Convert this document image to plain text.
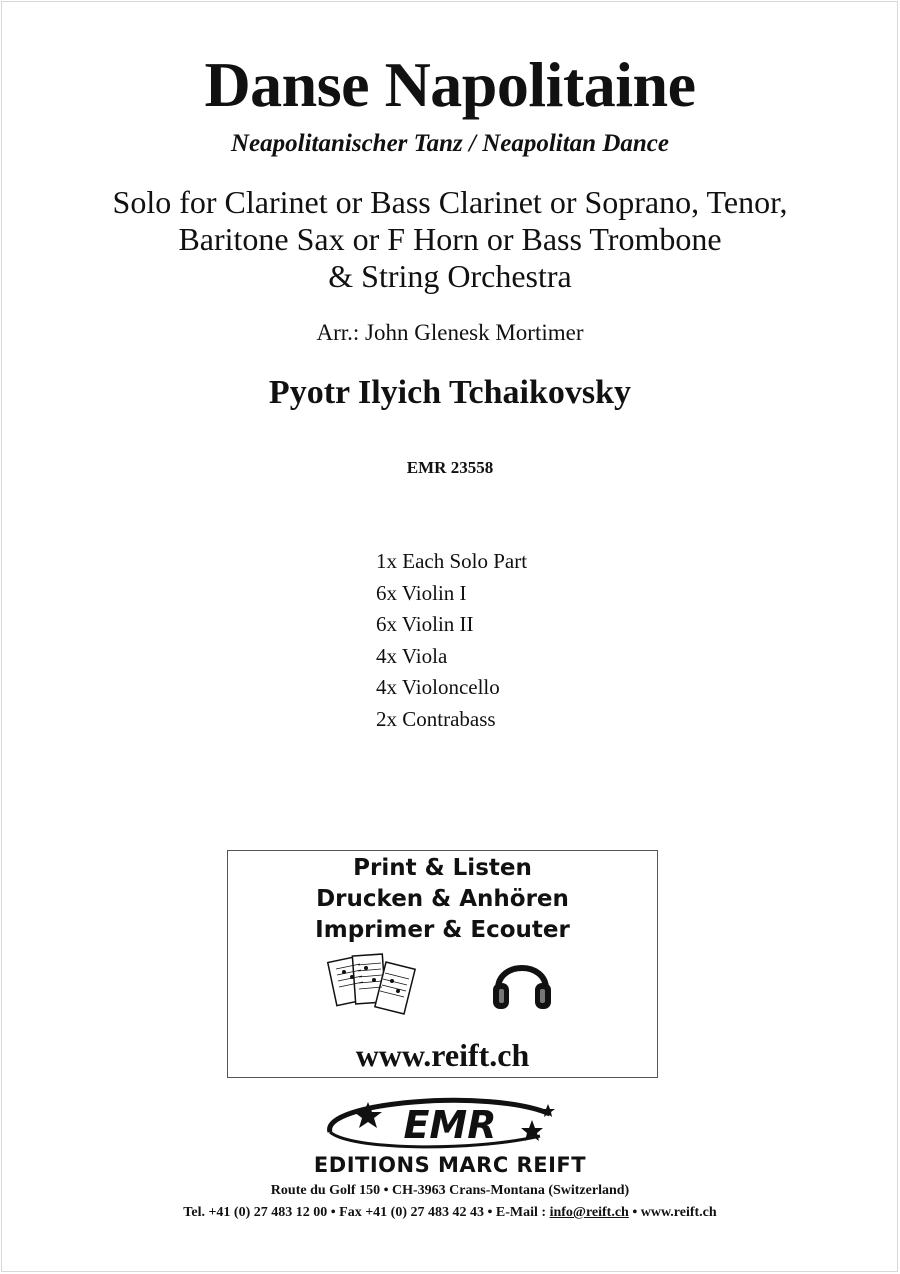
Danse Napolitaine
Neapolitanischer Tanz / Neapolitan Dance
Solo for Clarinet or Bass Clarinet or Soprano, Tenor,
Baritone Sax or F Horn or Bass Trombone
& String Orchestra
Arr.: John Glenesk Mortimer
Pyotr Ilyich Tchaikovsky
EMR 23558
1x Each Solo Part
6x Violin I
6x Violin II
4x Viola
4x Violoncello
2x Contrabass
Print & Listen
Drucken & Anhören
Imprimer & Ecouter
www.reift.ch
EMR
EDITIONS MARC REIFT
Route du Golf 150 • CH-3963 Crans-Montana (Switzerland)
Tel. +41 (0) 27 483 12 00 • Fax +41 (0) 27 483 42 43 • E-Mail : info@reift.ch • www.reift.ch
